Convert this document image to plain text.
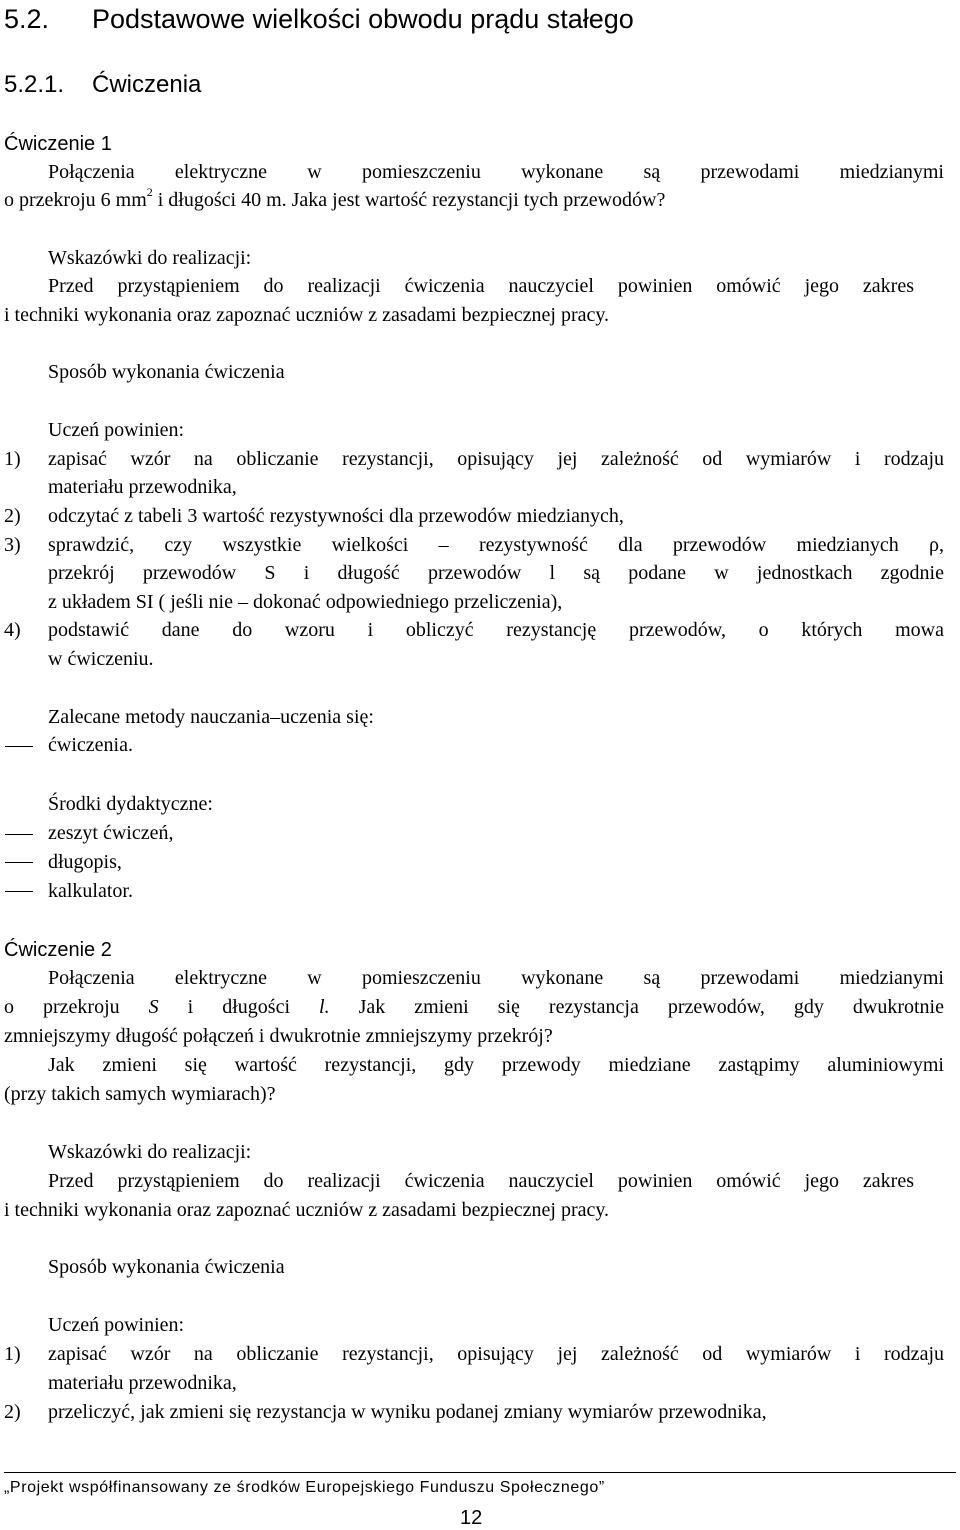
5.2. Podstawowe wielkości obwodu prądu stałego
5.2.1. Ćwiczenia
Ćwiczenie 1
Połączenia elektryczne w pomieszczeniu wykonane są przewodami miedzianymi
o przekroju 6 $mm^2$ i długości 40 m. Jaka jest wartość rezystancji tych przewodów?
Wskazówki do realizacji:
Przed przystąpieniem do realizacji ćwiczenia nauczyciel powinien omówić jego zakres
i techniki wykonania oraz zapoznać uczniów z zasadami bezpiecznej pracy.
Sposób wykonania ćwiczenia
Uczeń powinien:
1) zapisać wzór na obliczanie rezystancji, opisujący jej zależność od wymiarów i rodzaju
materiału przewodnika,
2) odczytać z tabeli 3 wartość rezystywności dla przewodów miedzianych,
3) sprawdzić, czy wszystkie wielkości – rezystywność dla przewodów miedzianych ρ,
przekrój przewodów S i długość przewodów l są podane w jednostkach zgodnie
z układem SI ( jeśli nie – dokonać odpowiedniego przeliczenia),
4) podstawić dane do wzoru i obliczyć rezystancję przewodów, o których mowa
w ćwiczeniu.
Zalecane metody nauczania–uczenia się:
ćwiczenia.
Środki dydaktyczne:
zeszyt ćwiczeń,
długopis,
kalkulator.
Ćwiczenie 2
Połączenia elektryczne w pomieszczeniu wykonane są przewodami miedzianymi
o przekroju S i długości l. Jak zmieni się rezystancja przewodów, gdy dwukrotnie
zmniejszymy długość połączeń i dwukrotnie zmniejszymy przekrój?
Jak zmieni się wartość rezystancji, gdy przewody miedziane zastąpimy aluminiowymi
(przy takich samych wymiarach)?
Wskazówki do realizacji:
Przed przystąpieniem do realizacji ćwiczenia nauczyciel powinien omówić jego zakres
i techniki wykonania oraz zapoznać uczniów z zasadami bezpiecznej pracy.
Sposób wykonania ćwiczenia
Uczeń powinien:
1) zapisać wzór na obliczanie rezystancji, opisujący jej zależność od wymiarów i rodzaju
materiału przewodnika,
2) przeliczyć, jak zmieni się rezystancja w wyniku podanej zmiany wymiarów przewodnika,
„Projekt współfinansowany ze środków Europejskiego Funduszu Społecznego”
12
